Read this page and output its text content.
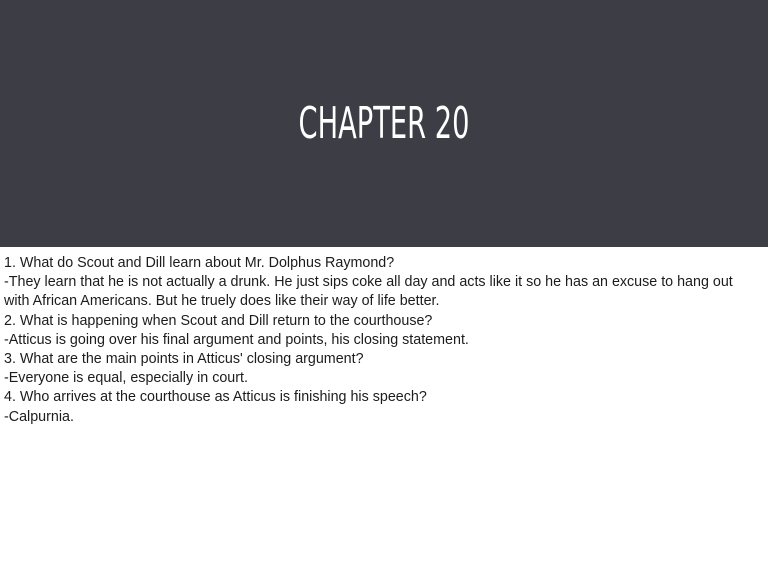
CHAPTER 20
1. What do Scout and Dill learn about Mr. Dolphus Raymond?
-They learn that he is not actually a drunk. He just sips coke all day and acts like it so he has an excuse to hang out with African Americans. But he truely does like their way of life better.
2. What is happening when Scout and Dill return to the courthouse?
-Atticus is going over his final argument and points, his closing statement.
3. What are the main points in Atticus' closing argument?
-Everyone is equal, especially in court.
4. Who arrives at the courthouse as Atticus is finishing his speech?
-Calpurnia.
